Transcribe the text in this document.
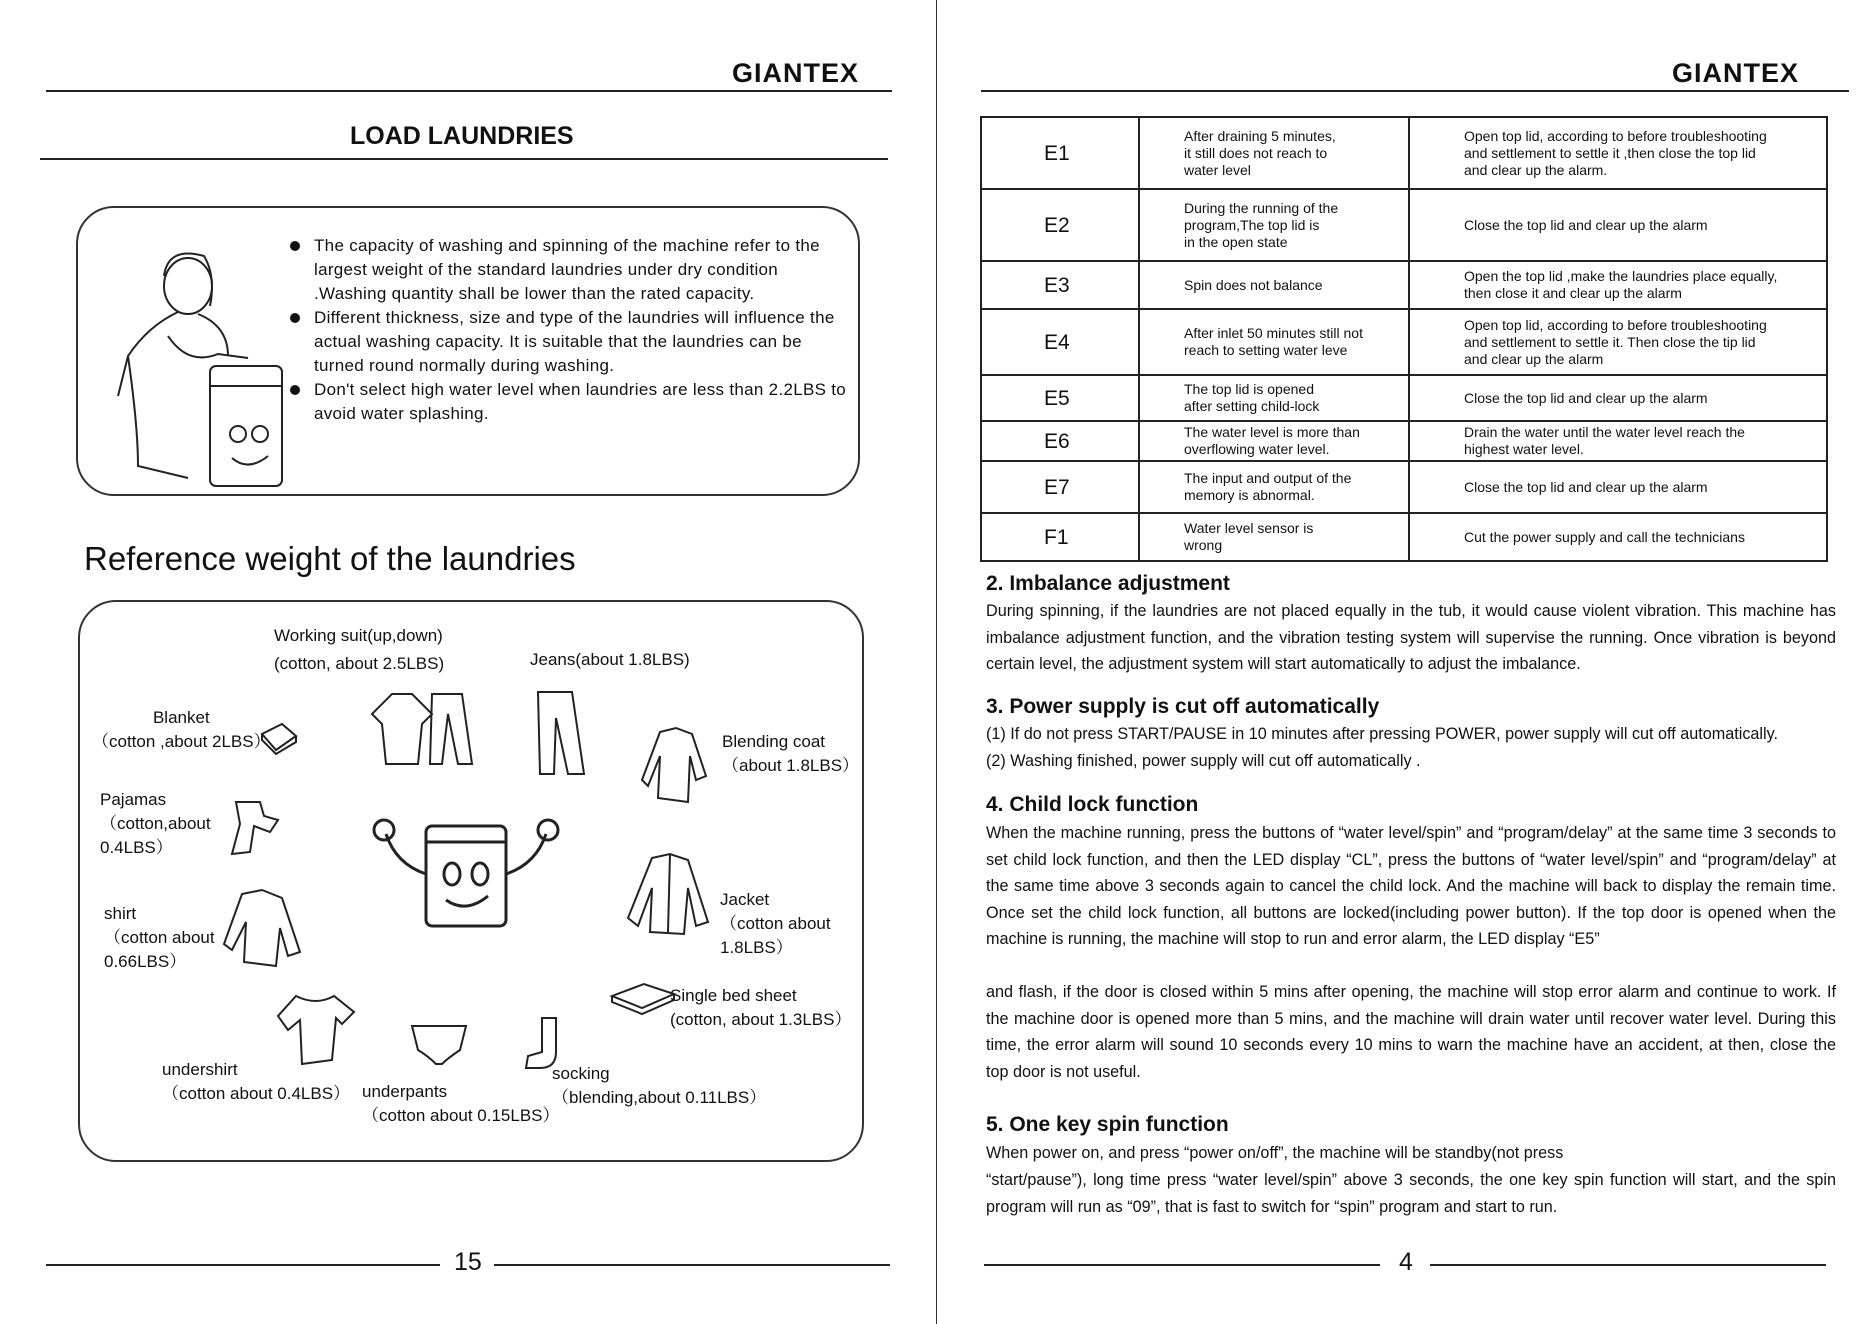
GIANTEX
LOAD LAUNDRIES
The capacity of washing and spinning of the machine refer to the largest weight of the standard laundries under dry condition .Washing quantity shall be lower than the rated capacity.
Different thickness, size and type of the laundries will influence the actual washing capacity. It is suitable that the laundries can be turned round normally during washing.
Don't select high water level when laundries are less than 2.2LBS to avoid water splashing.
Reference weight of the laundries
Working suit(up,down)
(cotton, about 2.5LBS)	Jeans(about 1.8LBS)
Blanket
（cotton ,about 2LBS）	Blending coat
（about 1.8LBS）
Pajamas
（cotton,about
0.4LBS）
shirt
（cotton about
0.66LBS）
Jacket
（cotton about
1.8LBS）
Single bed sheet
(cotton, about 1.3LBS）
undershirt
（cotton about 0.4LBS） underpants
（cotton about 0.15LBS）
socking
（blending,about 0.11LBS）
15
GIANTEX
E1	After draining 5 minutes,
it still does not reach to
water level	Open top lid, according to before troubleshooting
and settlement to settle it ,then close the top lid
and clear up the alarm.
E2	During the running of the
program,The top lid is
in the open state	Close the top lid and clear up the alarm
E3	Spin does not balance	Open the top lid ,make the laundries place equally,
then close it and clear up the alarm
E4	After inlet 50 minutes still not
reach to setting water leve	Open top lid, according to before troubleshooting
and settlement to settle it. Then close the tip lid
and clear up the alarm
E5	The top lid is opened
after setting child-lock	Close the top lid and clear up the alarm
E6	The water level is more than
overflowing water level.	Drain the water until the water level reach the
highest water level.
E7	The input and output of the
memory is abnormal.	Close the top lid and clear up the alarm
F1	Water level sensor is
wrong	Cut the power supply and call the technicians
2. Imbalance adjustment

During spinning, if the laundries are not placed equally in the tub, it would cause violent vibration. This machine has imbalance adjustment function, and the vibration testing system will supervise the running. Once vibration is beyond certain level, the adjustment system will start automatically to adjust the imbalance.

3. Power supply is cut off automatically

(1) If do not press START/PAUSE in 10 minutes after pressing POWER, power supply will cut off automatically.

(2) Washing finished, power supply will cut off automatically .

4. Child lock function

When the machine running, press the buttons of “water level/spin” and “program/delay” at the same time 3 seconds to set child lock function, and then the LED display “CL”, press the buttons of “water level/spin” and “program/delay” at the same time above 3 seconds again to cancel the child lock. And the machine will back to display the remain time. Once set the child lock function, all buttons are locked(including power button). If the top door is opened when the machine is running, the machine will stop to run and error alarm, the LED display “E5”

and flash, if the door is closed within 5 mins after opening, the machine will stop error alarm and continue to work. If the machine door is opened more than 5 mins, and the machine will drain water until recover water level. During this time, the error alarm will sound 10 seconds every 10 mins to warn the machine have an accident, at then, close the top door is not useful.

5. One key spin function

When power on, and press “power on/off”, the machine will be standby(not press

“start/pause”), long time press “water level/spin” above 3 seconds, the one key spin function will start, and the spin program will run as “09”, that is fast to switch for “spin” program and start to run.

4
